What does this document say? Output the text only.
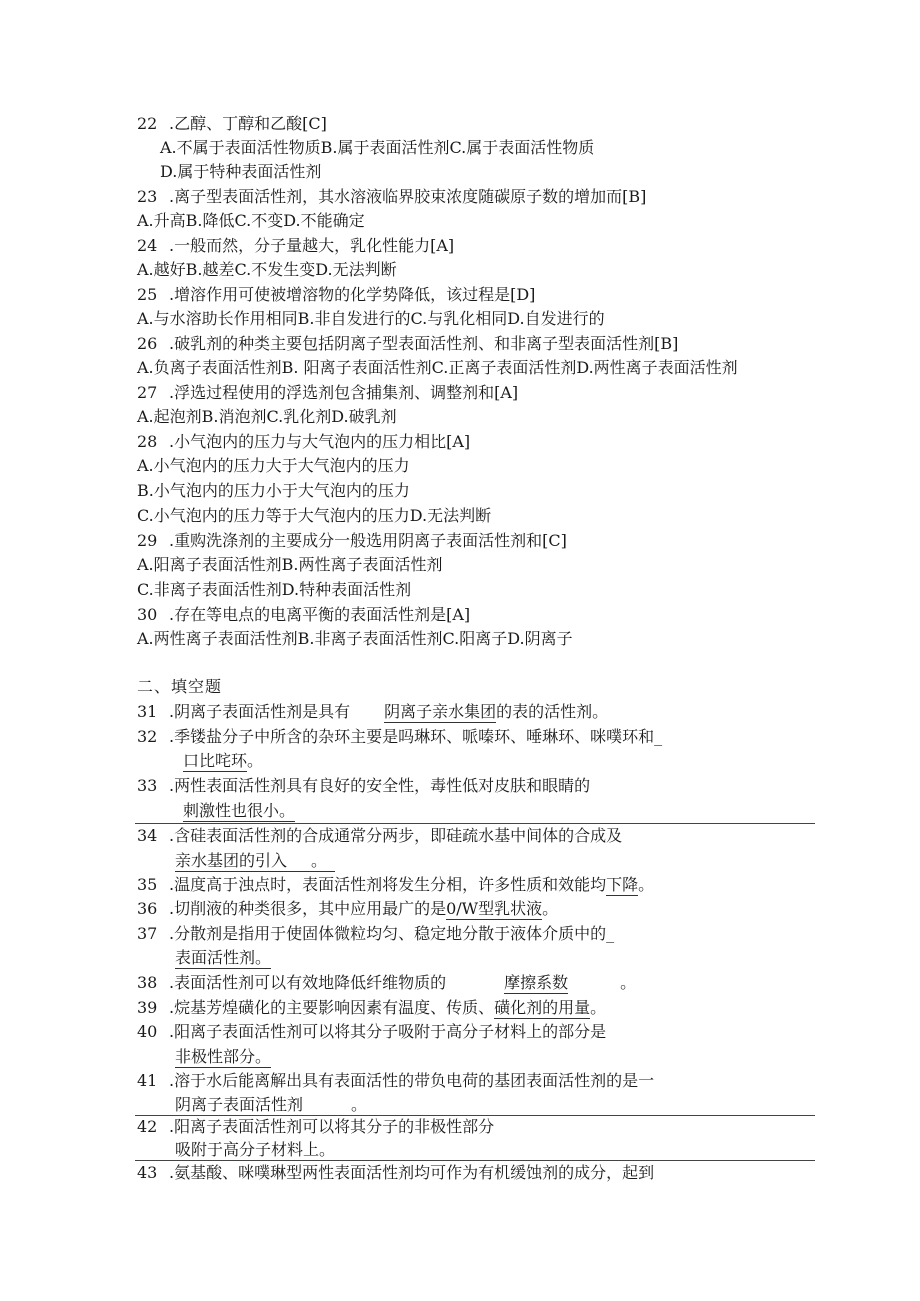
22 .乙醇、丁醇和乙酸[C]
A.不属于表面活性物质B.属于表面活性剂C.属于表面活性物质
D.属于特种表面活性剂
23 .离子型表面活性剂，其水溶液临界胶束浓度随碳原子数的增加而[B]
A.升高B.降低C.不变D.不能确定
24 .一般而然，分子量越大，乳化性能力[A]
A.越好B.越差C.不发生变D.无法判断
25 .增溶作用可使被增溶物的化学势降低，该过程是[D]
A.与水溶助长作用相同B.非自发进行的C.与乳化相同D.自发进行的
26 .破乳剂的种类主要包括阴离子型表面活性剂、和非离子型表面活性剂[B]
A.负离子表面活性剂B. 阳离子表面活性剂C.正离子表面活性剂D.两性离子表面活性剂
27 .浮选过程使用的浮选剂包含捕集剂、调整剂和[A]
A.起泡剂B.消泡剂C.乳化剂D.破乳剂
28 .小气泡内的压力与大气泡内的压力相比[A]
A.小气泡内的压力大于大气泡内的压力
B.小气泡内的压力小于大气泡内的压力
C.小气泡内的压力等于大气泡内的压力D.无法判断
29 .重购洗涤剂的主要成分一般选用阴离子表面活性剂和[C]
A.阳离子表面活性剂B.两性离子表面活性剂
C.非离子表面活性剂D.特种表面活性剂
30 .存在等电点的电离平衡的表面活性剂是[A]
A.两性离子表面活性剂B.非离子表面活性剂C.阳离子D.阴离子
二、填空题
31 .阴离子表面活性剂是具有 阴离子亲水集团的表的活性剂。
32 .季镂盐分子中所含的杂环主要是吗琳环、哌嗪环、唾琳环、咪噗环和_
口比咤环。
33 .两性表面活性剂具有良好的安全性，毒性低对皮肤和眼睛的
刺激性也很小。
34 .含硅表面活性剂的合成通常分两步，即硅疏水基中间体的合成及
亲水基团的引入 。
35 .温度高于浊点时，表面活性剂将发生分相，许多性质和效能均下降。
36 .切削液的种类很多，其中应用最广的是0/W型乳状液。
37 .分散剂是指用于使固体微粒均匀、稳定地分散于液体介质中的_
表面活性剂。
38 .表面活性剂可以有效地降低纤维物质的	摩擦系数	。
39 .烷基芳煌磺化的主要影响因素有温度、传质、磺化剂的用量。
40 .阳离子表面活性剂可以将其分子吸附于高分子材料上的部分是
非极性部分。
41 .溶于水后能离解出具有表面活性的带负电荷的基团表面活性剂的是一
阴离子表面活性剂	。
42 .阳离子表面活性剂可以将其分子的非极性部分
吸附于高分子材料上。
43 .氨基酸、咪噗琳型两性表面活性剂均可作为有机缓蚀剂的成分，起到
